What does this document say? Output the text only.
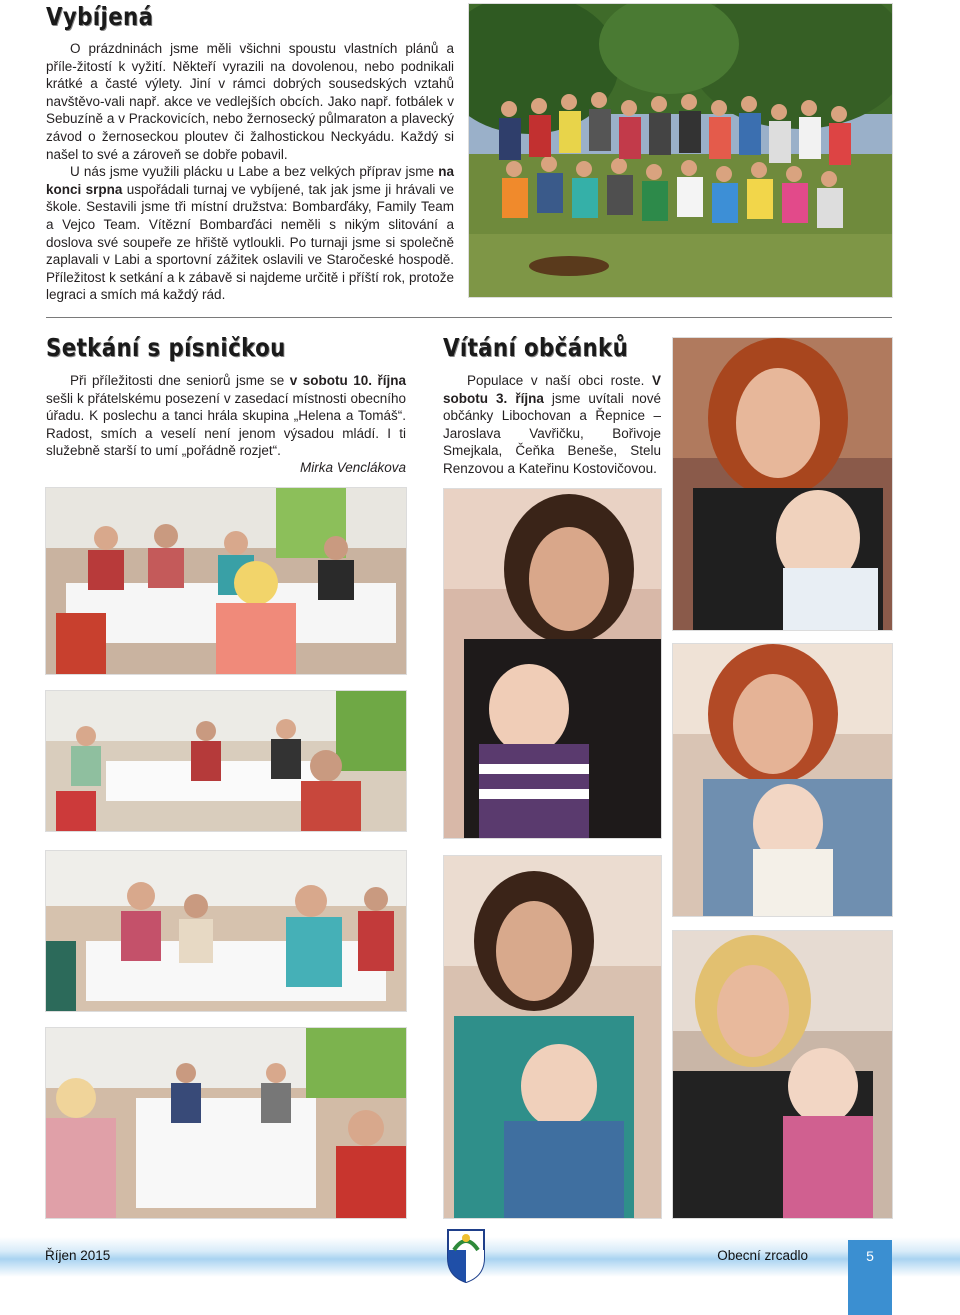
Vybíjená

O prázdninách jsme měli všichni spoustu vlastních plánů a příle-žitostí k vyžití. Někteří vyrazili na dovolenou, nebo podnikali krátké a časté výlety. Jiní v rámci dobrých sousedských vztahů navštěvo-vali např. akce ve vedlejších obcích. Jako např. fotbálek v Sebuzíně a v Prackovicích, nebo žernosecký půlmaraton a plavecký závod o žernoseckou ploutev či žalhostickou Neckyádu. Každý si našel to své a zároveň se dobře pobavil.

U nás jsme využili plácku u Labe a bez velkých příprav jsme na konci srpna uspořádali turnaj ve vybíjené, tak jak jsme ji hrávali ve škole. Sestavili jsme tři místní družstva: Bombarďáky, Family Team a Vejco Team. Vítězní Bombarďáci neměli s nikým slitování a doslova své soupeře ze hřiště vytloukli. Po turnaji jsme si společně zaplavali v Labi a sportovní zážitek oslavili ve Staročeské hospodě. Příležitost k setkání a k zábavě si najdeme určitě i příští rok, protože legraci a smích má každý rád.

Setkání s písničkou

Při příležitosti dne seniorů jsme se v sobotu 10. října sešli k přátelskému posezení v zasedací místnosti obecního úřadu. K poslechu a tanci hrála skupina „Helena a Tomáš“. Radost, smích a veselí není jenom výsadou mládí. I ti služebně starší to umí „pořádně rozjet“.

Mirka Venclákova
Vítání občánků

Populace v naší obci roste. V sobotu 3. října jsme uvítali nové občánky Libochovan a Řepnice – Jaroslava Vavřičku, Bořivoje Smejkala, Čeňka Beneše, Stelu Renzovou a Kateřinu Kostovičovou.

Říjen 2015	Obecní zrcadlo	5
